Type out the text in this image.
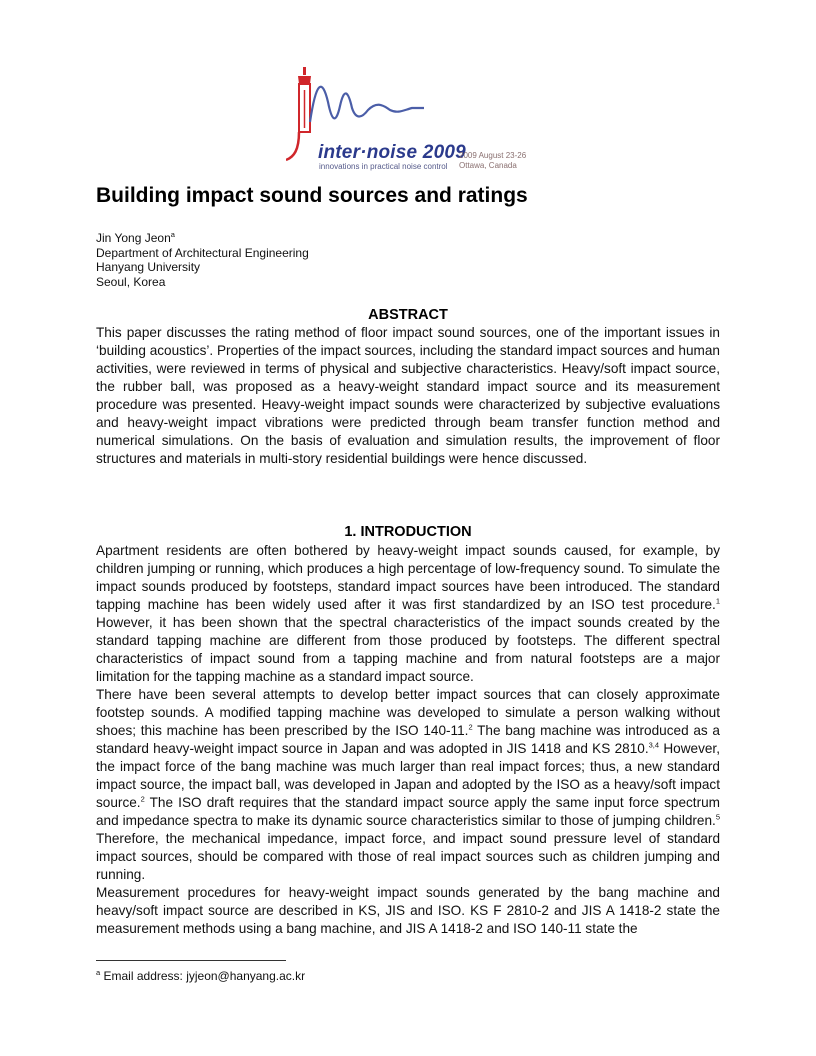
inter·noise 2009
innovations in practical noise control
2009 August 23-26
Ottawa, Canada
Building impact sound sources and ratings
Jin Yong Jeon$^a$
Department of Architectural Engineering
Hanyang University
Seoul, Korea
ABSTRACT

This paper discusses the rating method of floor impact sound sources, one of the important issues in ‘building acoustics’. Properties of the impact sources, including the standard impact sources and human activities, were reviewed in terms of physical and subjective characteristics. Heavy/soft impact source, the rubber ball, was proposed as a heavy-weight standard impact source and its measurement procedure was presented. Heavy-weight impact sounds were characterized by subjective evaluations and heavy-weight impact vibrations were predicted through beam transfer function method and numerical simulations. On the basis of evaluation and simulation results, the improvement of floor structures and materials in multi-story residential buildings were hence discussed.

1. INTRODUCTION

Apartment residents are often bothered by heavy-weight impact sounds caused, for example, by children jumping or running, which produces a high percentage of low-frequency sound. To simulate the impact sounds produced by footsteps, standard impact sources have been introduced. The standard tapping machine has been widely used after it was first standardized by an ISO test procedure.$^1$ However, it has been shown that the spectral characteristics of the impact sounds created by the standard tapping machine are different from those produced by footsteps. The different spectral characteristics of impact sound from a tapping machine and from natural footsteps are a major limitation for the tapping machine as a standard impact source.

There have been several attempts to develop better impact sources that can closely approximate footstep sounds. A modified tapping machine was developed to simulate a person walking without shoes; this machine has been prescribed by the ISO 140-11.$^2$ The bang machine was introduced as a standard heavy-weight impact source in Japan and was adopted in JIS 1418 and KS 2810.$^{3,4}$ However, the impact force of the bang machine was much larger than real impact forces; thus, a new standard impact source, the impact ball, was developed in Japan and adopted by the ISO as a heavy/soft impact source.$^2$ The ISO draft requires that the standard impact source apply the same input force spectrum and impedance spectra to make its dynamic source characteristics similar to those of jumping children.$^5$ Therefore, the mechanical impedance, impact force, and impact sound pressure level of standard impact sources, should be compared with those of real impact sources such as children jumping and running.

Measurement procedures for heavy-weight impact sounds generated by the bang machine and heavy/soft impact source are described in KS, JIS and ISO. KS F 2810-2 and JIS A 1418-2 state the measurement methods using a bang machine, and JIS A 1418-2 and ISO 140-11 state the

$^a$ Email address: jyjeon@hanyang.ac.kr
